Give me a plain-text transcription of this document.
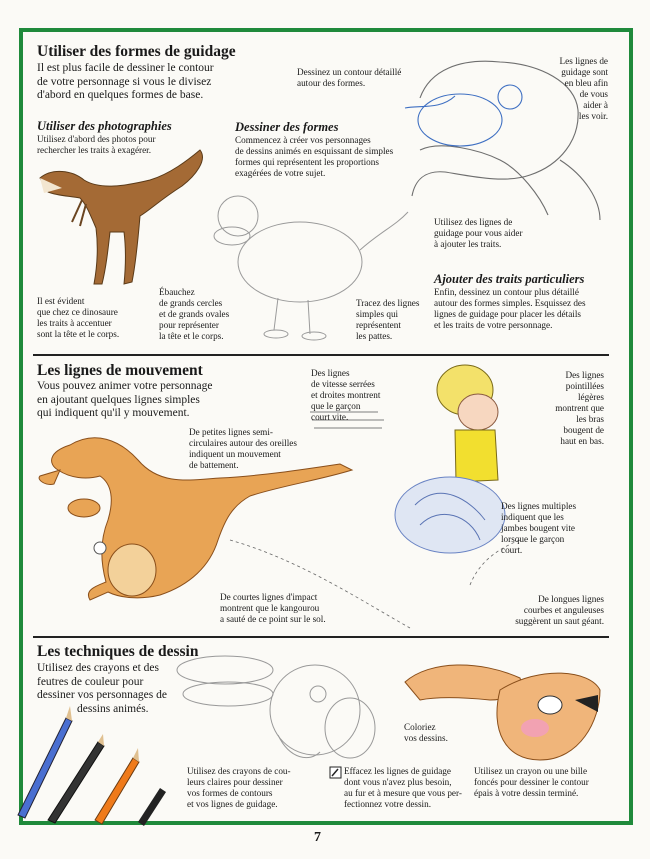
Utiliser des formes de guidage
Il est plus facile de dessiner le contour
de votre personnage si vous le divisez
d'abord en quelques formes de base.
Utiliser des photographies
Utilisez d'abord des photos pour
rechercher les traits à exagérer.
Dessiner des formes
Commencez à créer vos personnages
de dessins animés en esquissant de simples
formes qui représentent les proportions
exagérées de votre sujet.
Dessinez un contour détaillé
autour des formes.
Les lignes de
guidage sont
en bleu afin
de vous
aider à
les voir.
Il est évident
que chez ce dinosaure
les traits à accentuer
sont la tête et le corps.
Ébauchez
de grands cercles
et de grands ovales
pour représenter
la tête et le corps.
Tracez des lignes
simples qui
représentent
les pattes.
Utilisez des lignes de
guidage pour vous aider
à ajouter les traits.
Ajouter des traits particuliers
Enfin, dessinez un contour plus détaillé
autour des formes simples. Esquissez des
lignes de guidage pour placer les détails
et les traits de votre personnage.
Les lignes de mouvement
Vous pouvez animer votre personnage
en ajoutant quelques lignes simples
qui indiquent qu'il y mouvement.
De petites lignes semi-
circulaires autour des oreilles
indiquent un mouvement
de battement.
Des lignes
de vitesse serrées
et droites montrent
que le garçon
court vite.
Des lignes
pointillées
légères
montrent que
les bras
bougent de
haut en bas.
Des lignes multiples
indiquent que les
jambes bougent vite
lorsque le garçon
court.
De courtes lignes d'impact
montrent que le kangourou
a sauté de ce point sur le sol.
De longues lignes
courbes et anguleuses
suggèrent un saut géant.
Les techniques de dessin
Utilisez des crayons et des
feutres de couleur pour
dessiner vos personnages de
dessins animés.
Utilisez des crayons de cou-
leurs claires pour dessiner
vos formes de contours
et vos lignes de guidage.
Effacez les lignes de guidage
dont vous n'avez plus besoin,
au fur et à mesure que vous per-
fectionnez votre dessin.
Coloriez
vos dessins.
Utilisez un crayon ou une bille
foncés pour dessiner le contour
épais à votre dessin terminé.
7
